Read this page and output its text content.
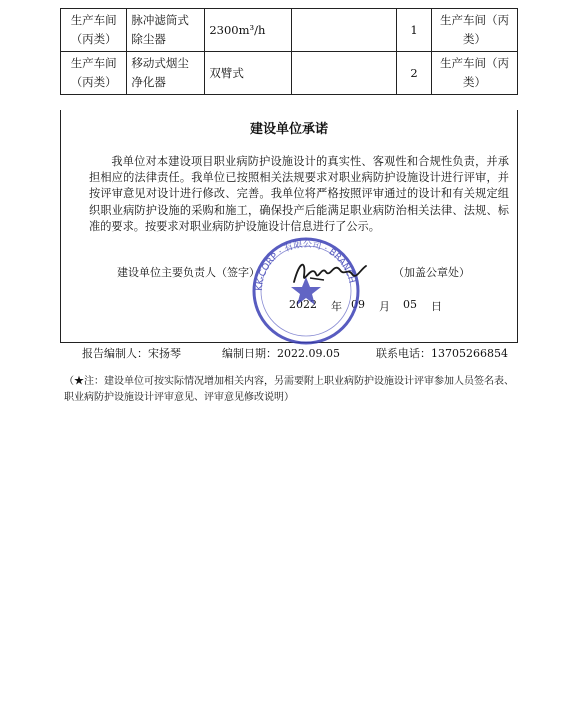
生产车间（丙类）	脉冲滤筒式除尘器	2300m³/h		1	生产车间（丙类）
生产车间（丙类）	移动式烟尘净化器	双臂式		2	生产车间（丙类）
建设单位承诺
我单位对本建设项目职业病防护设施设计的真实性、客观性和合规性负责，并承担相应的法律责任。我单位已按照相关法规要求对职业病防护设施设计进行评审，并按评审意见对设计进行修改、完善。我单位将严格按照评审通过的设计和有关规定组织职业病防护设施的采购和施工，确保投产后能满足职业病防治相关法律、法规、标准的要求。按要求对职业病防护设施设计信息进行了公示。
建设单位主要负责人（签字）	（加盖公章处）
2022 年 09 月 05 日
KK-CORP · 有限公司 · BRANCH
报告编制人：宋扬琴	编制日期：2022.09.05	联系电话：13705266854
（★注：建设单位可按实际情况增加相关内容，另需要附上职业病防护设施设计评审参加人员签名表、职业病防护设施设计评审意见、评审意见修改说明）
